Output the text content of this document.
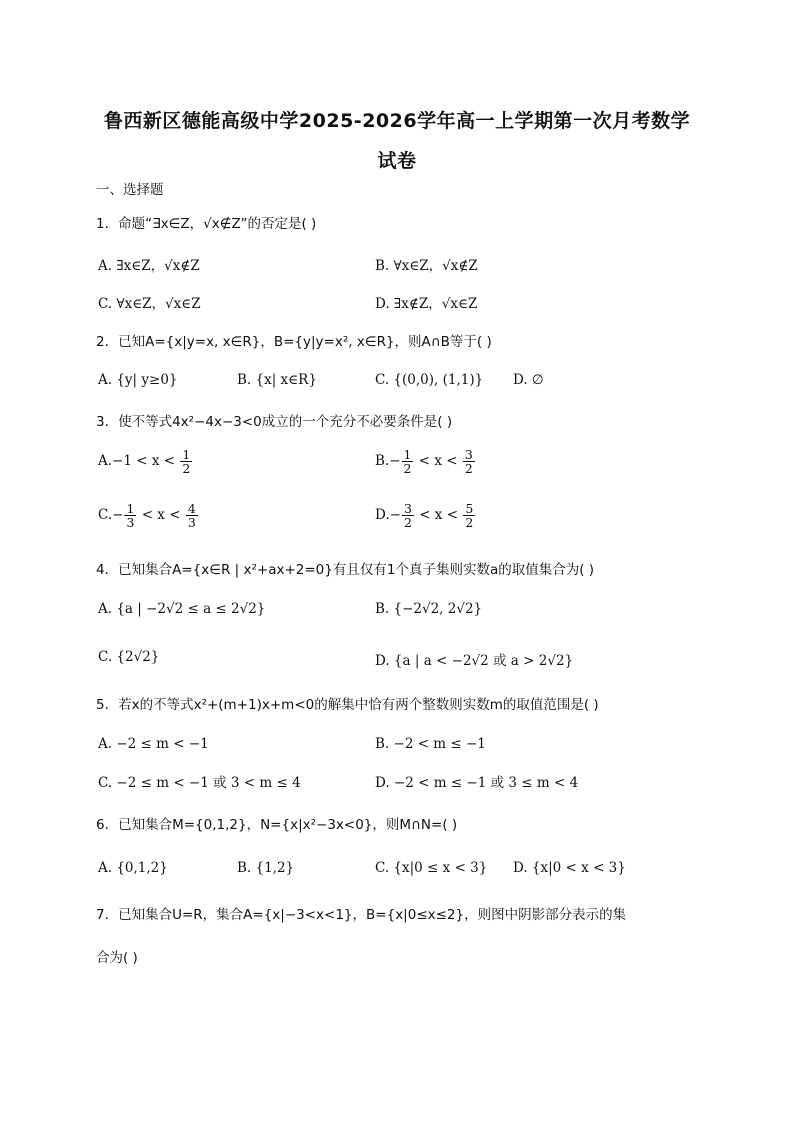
鲁西新区德能高级中学2025-2026学年高一上学期第一次月考数学
试卷
一、选择题
1．命题“∃x∈Z，√x∉Z”的否定是( )
A. ∃x∈Z，√x∉Z	B. ∀x∈Z，√x∉Z
C. ∀x∈Z，√x∈Z	D. ∃x∉Z，√x∈Z
2．已知A={x|y=x, x∈R}，B={y|y=x², x∈R}，则A∩B等于( )
A. {y| y≥0}	B. {x| x∈R}	C. {(0,0), (1,1)} D. ∅
3．使不等式4x²−4x−3<0成立的一个充分不必要条件是( )
$A.-1 < x < \frac{1}{2}$	$B.- \frac{1}{2} < x < \frac{3}{2}$
$C.- \frac{1}{3} < x < \frac{4}{3}$	$D.- \frac{3}{2} < x < \frac{5}{2}$
4．已知集合A={x∈R | x²+ax+2=0}有且仅有1个真子集则实数a的取值集合为( )
A. {a | −2√2 ≤ a ≤ 2√2}	B. {−2√2, 2√2}
C. {2√2}	D. {a | a < −2√2 或 a > 2√2}
5．若x的不等式x²+(m+1)x+m<0的解集中恰有两个整数则实数m的取值范围是( )
A. −2 ≤ m < −1	B. −2 < m ≤ −1
C. −2 ≤ m < −1 或 3 < m ≤ 4	D. −2 < m ≤ −1 或 3 ≤ m < 4
6．已知集合M={0,1,2}，N={x|x²−3x<0}，则M∩N=( )
A. {0,1,2}	B. {1,2}	C. {x|0 ≤ x < 3} D. {x|0 < x < 3}
7．已知集合U=R，集合A={x|−3<x<1}，B={x|0≤x≤2}，则图中阴影部分表示的集
合为( )
